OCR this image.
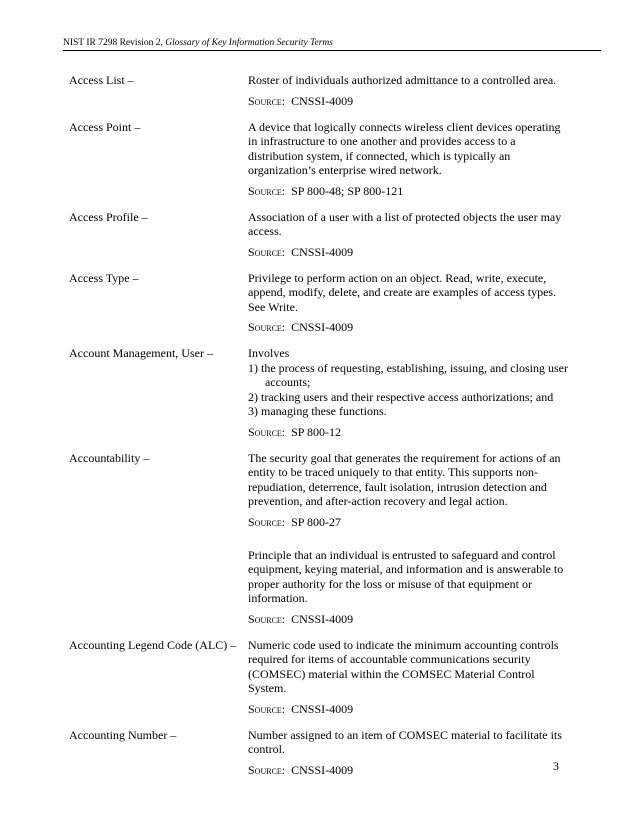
NIST IR 7298 Revision 2, Glossary of Key Information Security Terms
Access List –	Roster of individuals authorized admittance to a controlled area.

Source: CNSSI-4009
Access Point –	A device that logically connects wireless client devices operating in infrastructure to one another and provides access to a distribution system, if connected, which is typically an organization’s enterprise wired network.

Source: SP 800-48; SP 800-121
Access Profile –	Association of a user with a list of protected objects the user may access.

Source: CNSSI-4009
Access Type –	Privilege to perform action on an object. Read, write, execute, append, modify, delete, and create are examples of access types. See Write.

Source: CNSSI-4009
Account Management, User –	Involves

1) the process of requesting, establishing, issuing, and closing user accounts;
2) tracking users and their respective access authorizations; and
3) managing these functions.
Source: SP 800-12
Accountability –	The security goal that generates the requirement for actions of an entity to be traced uniquely to that entity. This supports non-repudiation, deterrence, fault isolation, intrusion detection and prevention, and after-action recovery and legal action.

Source: SP 800-27

Principle that an individual is entrusted to safeguard and control equipment, keying material, and information and is answerable to proper authority for the loss or misuse of that equipment or information.

Source: CNSSI-4009
Accounting Legend Code (ALC) – Numeric code used to indicate the minimum accounting controls required for items of accountable communications security (COMSEC) material within the COMSEC Material Control System.

Source: CNSSI-4009
Accounting Number –	Number assigned to an item of COMSEC material to facilitate its control.

Source: CNSSI-4009	3
